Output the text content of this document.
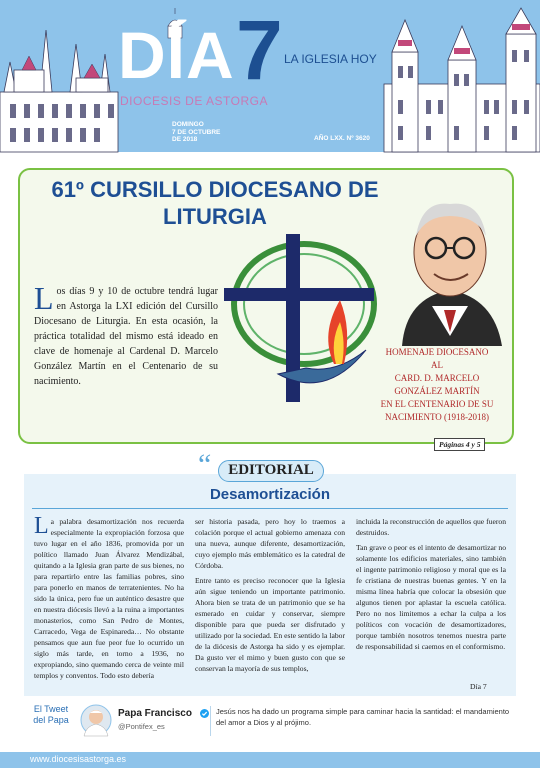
DÍA 7 LA IGLESIA HOY
DIOCESIS DE ASTORGA
DOMINGO
7 DE OCTUBRE
DE 2018	AÑO LXX. Nº 3620
61º CURSILLO DIOCESANO DE LITURGIA
Los días 9 y 10 de octubre tendrá lugar en Astorga la LXI edición del Cursillo Diocesano de Liturgia. En esta ocasión, la práctica totalidad del mismo está ideado en clave de homenaje al Cardenal D. Marcelo González Martín en el Centenario de su nacimiento.
HOMENAJE DIOCESANO
AL
CARD. D. MARCELO
GONZÁLEZ MARTÍN
EN EL CENTENARIO DE SU
NACIMIENTO (1918-2018)
Páginas 4 y 5
Desamortización

La palabra desamortización nos recuerda especialmente la expropiación forzosa que tuvo lugar en el año 1836, promovida por un político llamado Juan Álvarez Mendizábal, quitando a la Iglesia gran parte de sus bienes, no para repartirlo entre las familias pobres, sino para ponerlo en manos de terratenientes. No ha sido la única, pero fue un auténtico desastre que en nuestra diócesis llevó a la ruina a importantes monasterios, como San Pedro de Montes, Carracedo, Vega de Espinareda… No obstante pensamos que aun fue peor fue lo ocurrido un siglo más tarde, en torno a 1936, no expropiando, sino quemando cerca de veinte mil templos y conventos. Todo esto debería

ser historia pasada, pero hoy lo traemos a colación porque el actual gobierno amenaza con una nueva, aunque diferente, desamortización, cuyo ejemplo más emblemático es la catedral de Córdoba.

Entre tanto es preciso reconocer que la Iglesia aún sigue teniendo un importante patrimonio. Ahora bien se trata de un patrimonio que se ha esmerado en cuidar y conservar, siempre disponible para que pueda ser disfrutado y utilizado por la sociedad. En este sentido la labor de la diócesis de Astorga ha sido y es ejemplar. Da gusto ver el mimo y buen gusto con que se conservan la mayoría de sus templos,

incluida la reconstrucción de aquellos que fueron destruidos.

Tan grave o peor es el intento de desamortizar no solamente los edificios materiales, sino también el ingente patrimonio religioso y moral que es la fe cristiana de nuestras buenas gentes. Y en la misma línea habría que colocar la obsesión que algunos tienen por aplastar la escuela católica. Pero no nos limitemos a echar la culpa a los políticos con vocación de desamortizadores, porque también nosotros tenemos nuestra parte de responsabilidad si caemos en el conformismo.

Día 7
“	EDITORIAL
El Tweet
del Papa
Papa Francisco
@Pontifex_es
Jesús nos ha dado un programa simple para caminar hacia la santidad: el mandamiento del amor a Dios y al prójimo.
www.diocesisastorga.es
